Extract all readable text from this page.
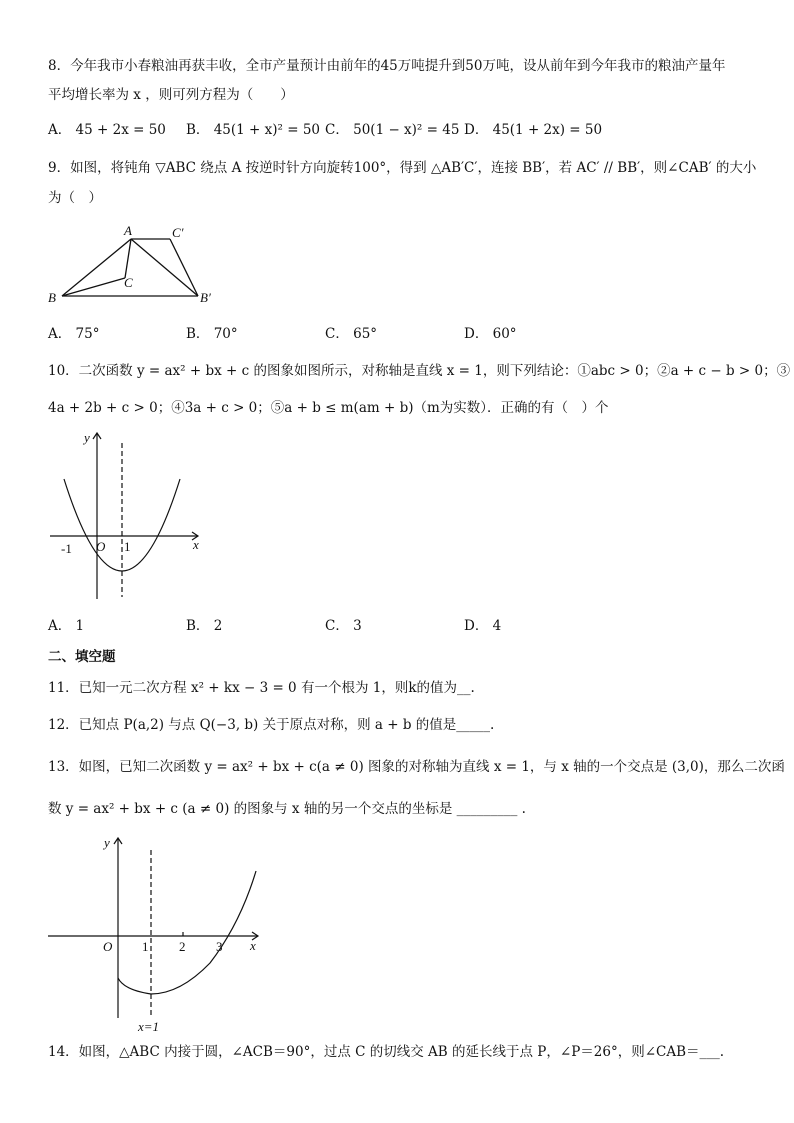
8．今年我市小春粮油再获丰收，全市产量预计由前年的45万吨提升到50万吨，设从前年到今年我市的粮油产量年
平均增长率为 x ，则可列方程为（　　）
A． 45 + 2x = 50 B． 45(1 + x)² = 50 C． 50(1 − x)² = 45 D． 45(1 + 2x) = 50
9．如图，将钝角 ▽ABC 绕点 A 按逆时针方向旋转100°，得到 △AB′C′，连接 BB′，若 AC′ // BB′，则∠CAB′ 的大小
为（　）
A	C′
C
B	B′
A． 75°	B． 70°	C． 65°	D． 60°
10．二次函数 y = ax² + bx + c 的图象如图所示，对称轴是直线 x = 1，则下列结论：①abc > 0；②a + c − b > 0；③
4a + 2b + c > 0；④3a + c > 0；⑤a + b ≤ m(am + b)（m为实数）．正确的有（　）个
y
x
O
-1	1
A． 1	B． 2	C． 3	D． 4
二、填空题
11．已知一元二次方程 x² + kx − 3 = 0 有一个根为 1，则k的值为__.
12．已知点 P(a,2) 与点 Q(−3, b) 关于原点对称，则 a + b 的值是_____.
13．如图，已知二次函数 y = ax² + bx + c(a ≠ 0) 图象的对称轴为直线 x = 1，与 x 轴的一个交点是 (3,0)，那么二次函
数 y = ax² + bx + c (a ≠ 0) 的图象与 x 轴的另一个交点的坐标是 _________ .
y
x
O 1 2 3
x=1
14．如图，△ABC 内接于圆，∠ACB＝90°，过点 C 的切线交 AB 的延长线于点 P，∠P＝26°，则∠CAB＝___.
